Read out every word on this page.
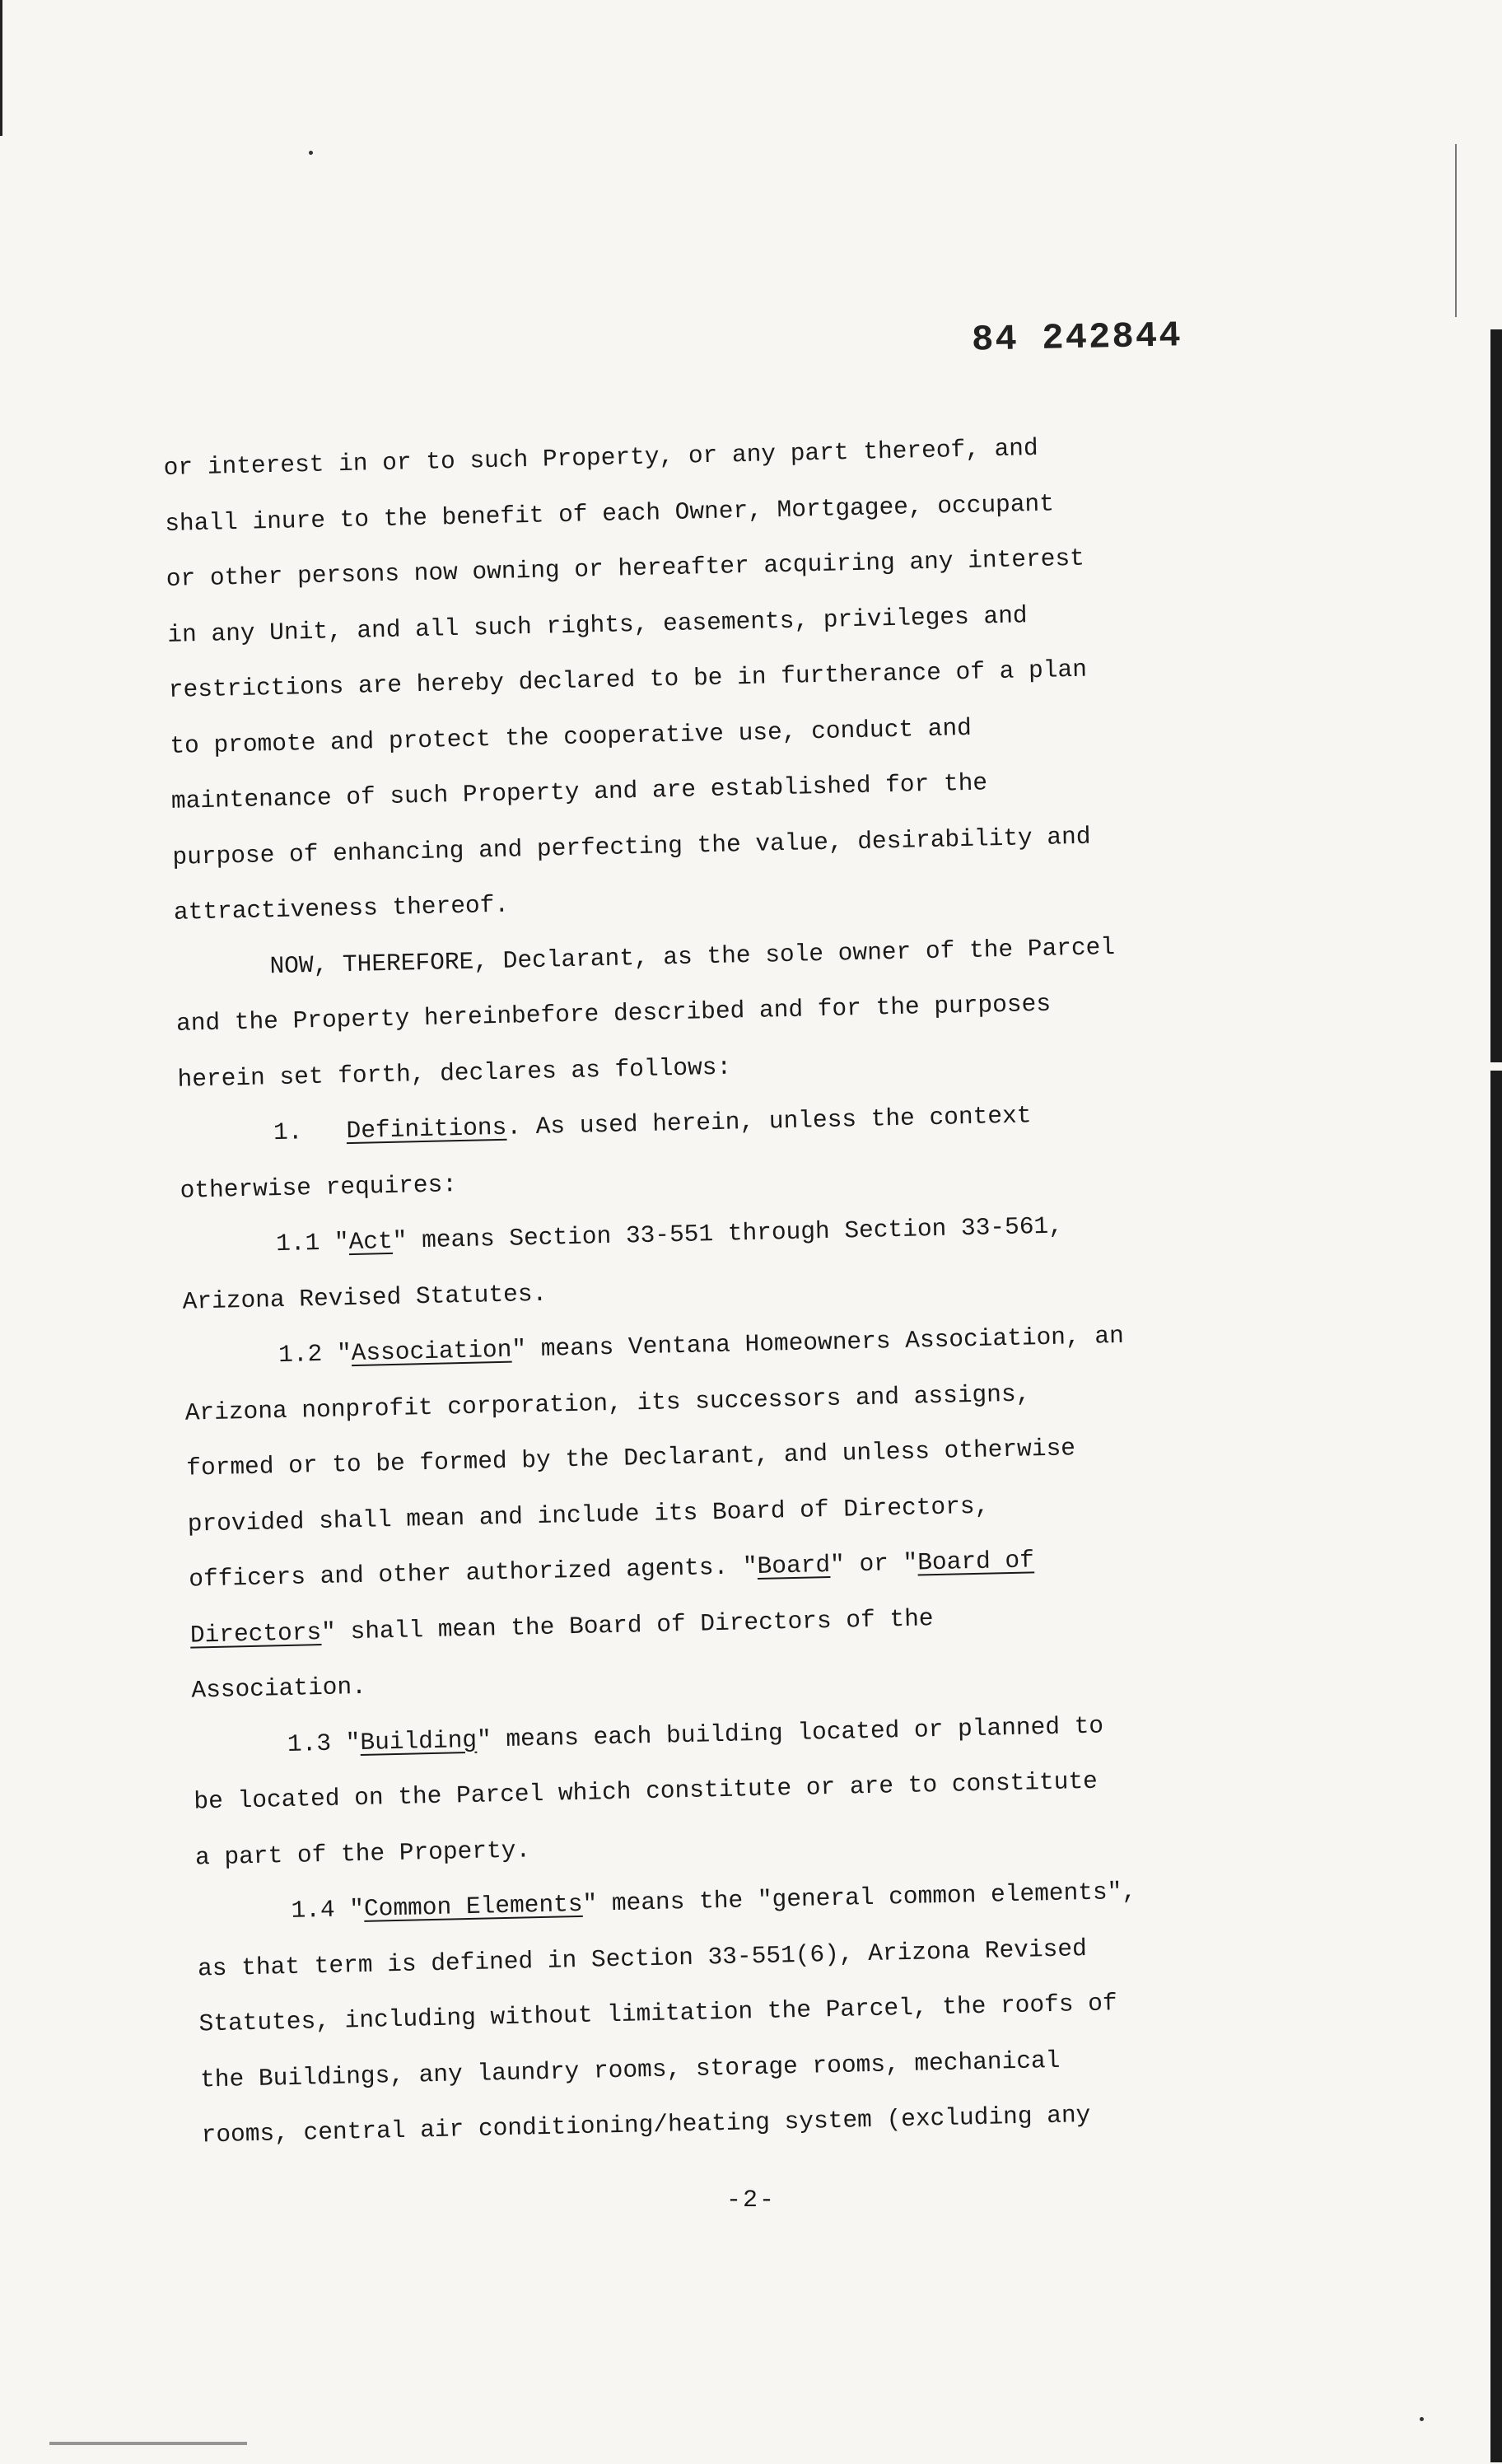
84 242844
or interest in or to such Property, or any part thereof, and
shall inure to the benefit of each Owner, Mortgagee, occupant
or other persons now owning or hereafter acquiring any interest
in any Unit, and all such rights, easements, privileges and
restrictions are hereby declared to be in furtherance of a plan
to promote and protect the cooperative use, conduct and
maintenance of such Property and are established for the
purpose of enhancing and perfecting the value, desirability and
attractiveness thereof.
NOW, THEREFORE, Declarant, as the sole owner of the Parcel
and the Property hereinbefore described and for the purposes
herein set forth, declares as follows:
1. Definitions. As used herein, unless the context
otherwise requires:
1.1 "Act" means Section 33-551 through Section 33-561,
Arizona Revised Statutes.
1.2 "Association" means Ventana Homeowners Association, an
Arizona nonprofit corporation, its successors and assigns,
formed or to be formed by the Declarant, and unless otherwise
provided shall mean and include its Board of Directors,
officers and other authorized agents. "Board" or "Board of
Directors" shall mean the Board of Directors of the
Association.
1.3 "Building" means each building located or planned to
be located on the Parcel which constitute or are to constitute
a part of the Property.
1.4 "Common Elements" means the "general common elements",
as that term is defined in Section 33-551(6), Arizona Revised
Statutes, including without limitation the Parcel, the roofs of
the Buildings, any laundry rooms, storage rooms, mechanical
rooms, central air conditioning/heating system (excluding any
-2-
